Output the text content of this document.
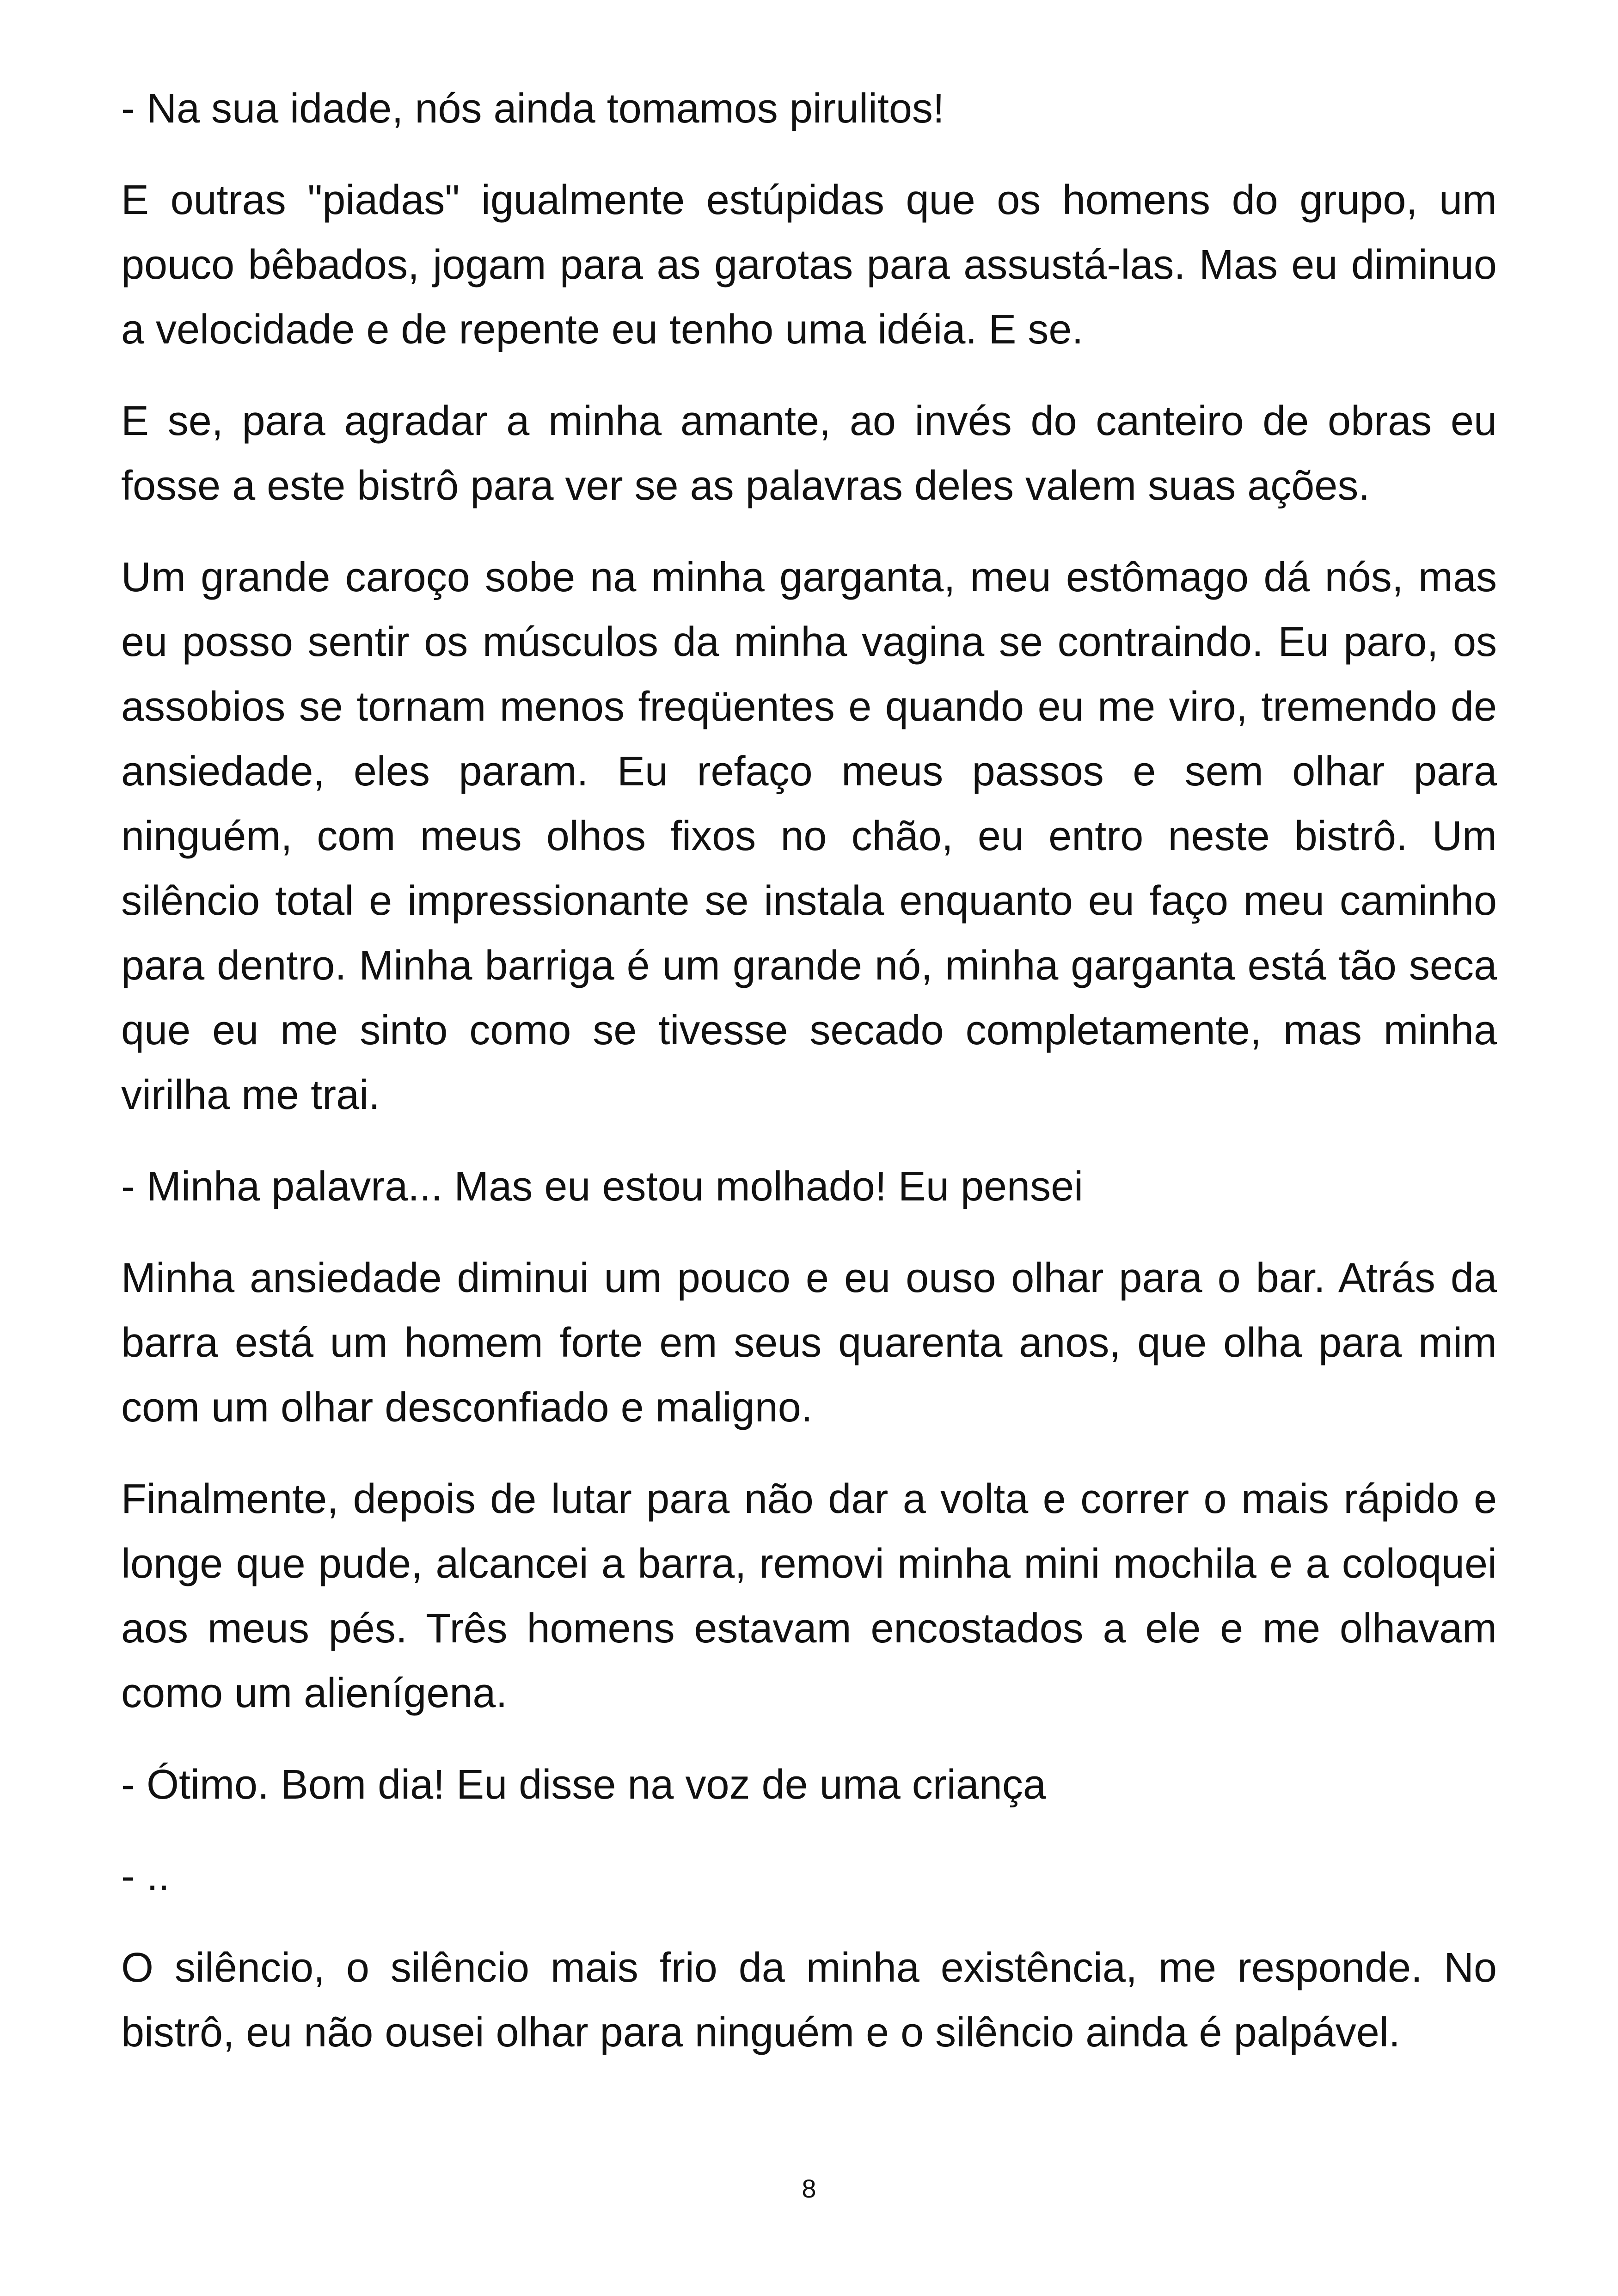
- Na sua idade, nós ainda tomamos pirulitos!

E outras "piadas" igualmente estúpidas que os homens do grupo, um pouco bêbados, jogam para as garotas para assustá-las. Mas eu diminuo a velocidade e de repente eu tenho uma idéia. E se.

E se, para agradar a minha amante, ao invés do canteiro de obras eu fosse a este bistrô para ver se as palavras deles valem suas ações.

Um grande caroço sobe na minha garganta, meu estômago dá nós, mas eu posso sentir os músculos da minha vagina se contraindo. Eu paro, os assobios se tornam menos freqüentes e quando eu me viro, tremendo de ansiedade, eles param. Eu refaço meus passos e sem olhar para ninguém, com meus olhos fixos no chão, eu entro neste bistrô. Um silêncio total e impressionante se instala enquanto eu faço meu caminho para dentro. Minha barriga é um grande nó, minha garganta está tão seca que eu me sinto como se tivesse secado completamente, mas minha virilha me trai.

- Minha palavra... Mas eu estou molhado! Eu pensei

Minha ansiedade diminui um pouco e eu ouso olhar para o bar. Atrás da barra está um homem forte em seus quarenta anos, que olha para mim com um olhar desconfiado e maligno.

Finalmente, depois de lutar para não dar a volta e correr o mais rápido e longe que pude, alcancei a barra, removi minha mini mochila e a coloquei aos meus pés. Três homens estavam encostados a ele e me olhavam como um alienígena.

- Ótimo. Bom dia! Eu disse na voz de uma criança

- ..

O silêncio, o silêncio mais frio da minha existência, me responde. No bistrô, eu não ousei olhar para ninguém e o silêncio ainda é palpável.

8
